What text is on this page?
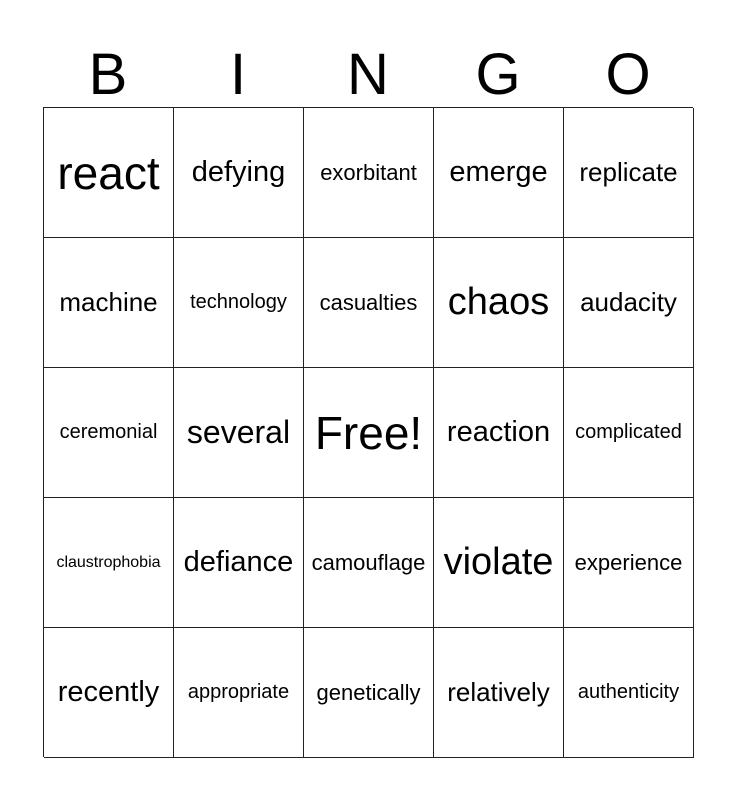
B	I	N	G	O
react defying exorbitant emerge replicate
machine technology casualties chaos audacity
ceremonial several Free! reaction complicated
claustrophobia defiance camouflage violate experience
recently appropriate genetically relatively authenticity
